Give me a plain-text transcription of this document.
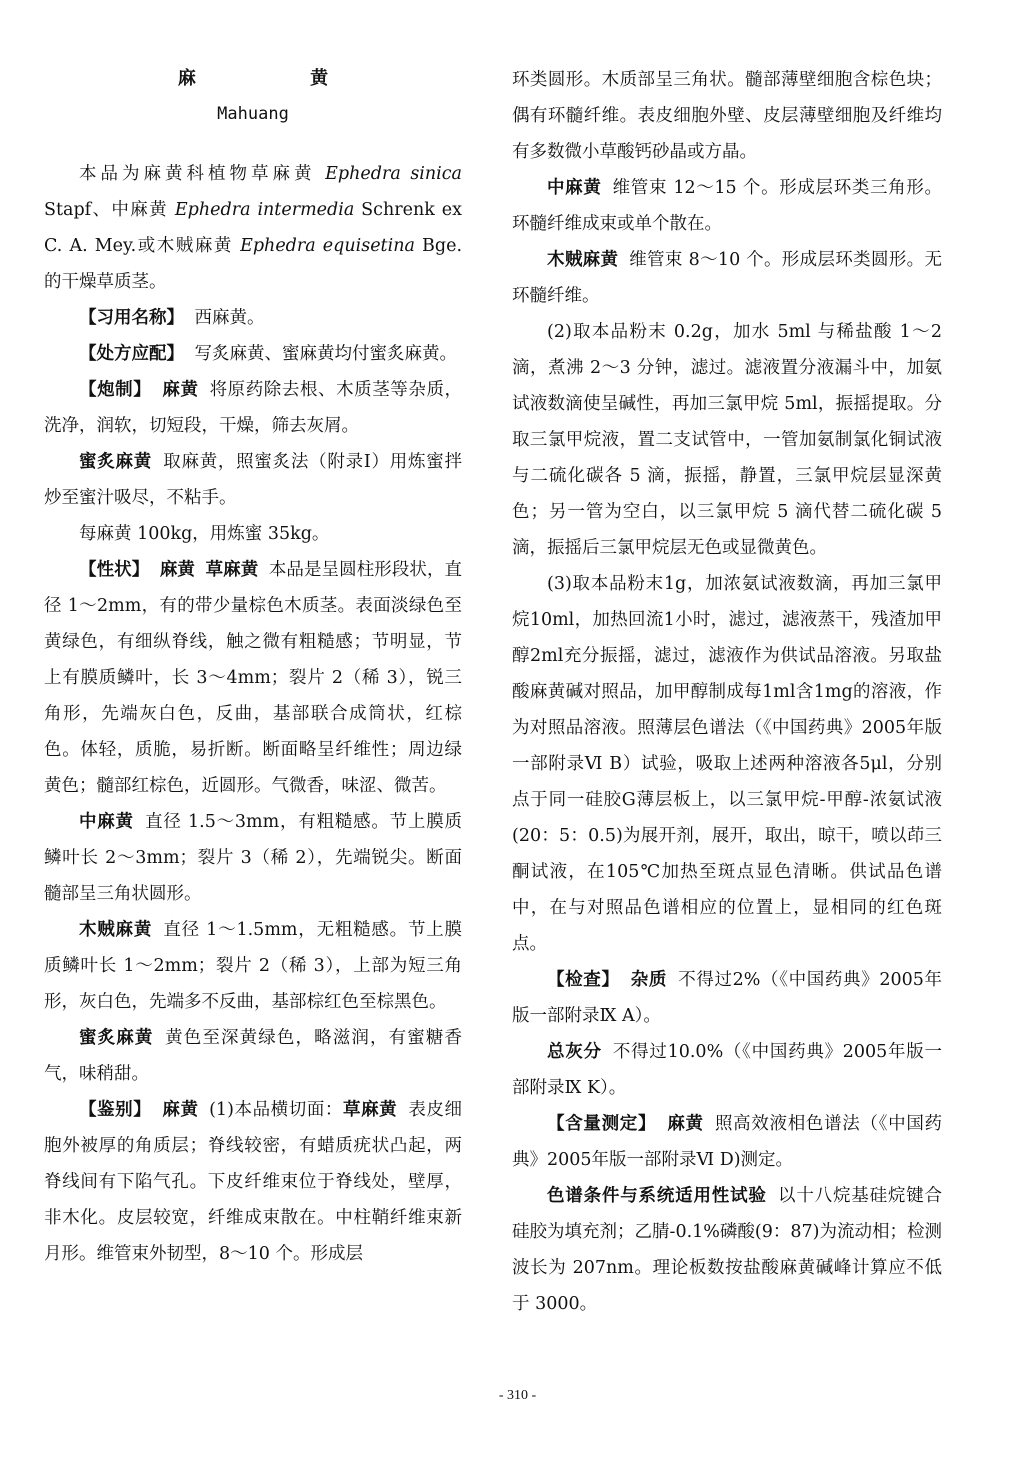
麻 黄
Mahuang

本品为麻黄科植物草麻黄 Ephedra sinica Stapf、中麻黄 Ephedra intermedia Schrenk ex C. A. Mey.或木贼麻黄 Ephedra equisetina Bge.的干燥草质茎。

【习用名称】 西麻黄。

【处方应配】 写炙麻黄、蜜麻黄均付蜜炙麻黄。

【炮制】 麻黄 将原药除去根、木质茎等杂质，洗净，润软，切短段，干燥，筛去灰屑。

蜜炙麻黄 取麻黄，照蜜炙法（附录Ⅰ）用炼蜜拌炒至蜜汁吸尽，不粘手。

每麻黄 100kg，用炼蜜 35kg。

【性状】 麻黄 草麻黄 本品是呈圆柱形段状，直径 1～2mm，有的带少量棕色木质茎。表面淡绿色至黄绿色，有细纵脊线，触之微有粗糙感；节明显，节上有膜质鳞叶，长 3～4mm；裂片 2（稀 3），锐三角形，先端灰白色，反曲，基部联合成筒状，红棕色。体轻，质脆，易折断。断面略呈纤维性；周边绿黄色；髓部红棕色，近圆形。气微香，味涩、微苦。

中麻黄 直径 1.5～3mm，有粗糙感。节上膜质鳞叶长 2～3mm；裂片 3（稀 2），先端锐尖。断面髓部呈三角状圆形。

木贼麻黄 直径 1～1.5mm，无粗糙感。节上膜质鳞叶长 1～2mm；裂片 2（稀 3），上部为短三角形，灰白色，先端多不反曲，基部棕红色至棕黑色。

蜜炙麻黄 黄色至深黄绿色，略滋润，有蜜糖香气，味稍甜。

【鉴别】 麻黄 (1)本品横切面：草麻黄 表皮细胞外被厚的角质层；脊线较密，有蜡质疣状凸起，两脊线间有下陷气孔。下皮纤维束位于脊线处，壁厚，非木化。皮层较宽，纤维成束散在。中柱鞘纤维束新月形。维管束外韧型，8～10 个。形成层

环类圆形。木质部呈三角状。髓部薄壁细胞含棕色块；偶有环髓纤维。表皮细胞外壁、皮层薄壁细胞及纤维均有多数微小草酸钙砂晶或方晶。

中麻黄 维管束 12～15 个。形成层环类三角形。环髓纤维成束或单个散在。

木贼麻黄 维管束 8～10 个。形成层环类圆形。无环髓纤维。

(2)取本品粉末 0.2g，加水 5ml 与稀盐酸 1～2 滴，煮沸 2～3 分钟，滤过。滤液置分液漏斗中，加氨试液数滴使呈碱性，再加三氯甲烷 5ml，振摇提取。分取三氯甲烷液，置二支试管中，一管加氨制氯化铜试液与二硫化碳各 5 滴，振摇，静置，三氯甲烷层显深黄色；另一管为空白，以三氯甲烷 5 滴代替二硫化碳 5 滴，振摇后三氯甲烷层无色或显微黄色。

(3)取本品粉末1g，加浓氨试液数滴，再加三氯甲烷10ml，加热回流1小时，滤过，滤液蒸干，残渣加甲醇2ml充分振摇，滤过，滤液作为供试品溶液。另取盐酸麻黄碱对照品，加甲醇制成每1ml含1mg的溶液，作为对照品溶液。照薄层色谱法（《中国药典》2005年版一部附录Ⅵ B）试验，吸取上述两种溶液各5μl，分别点于同一硅胶G薄层板上，以三氯甲烷-甲醇-浓氨试液(20：5：0.5)为展开剂，展开，取出，晾干，喷以茚三酮试液，在105℃加热至斑点显色清晰。供试品色谱中，在与对照品色谱相应的位置上，显相同的红色斑点。

【检查】 杂质 不得过2%（《中国药典》2005年版一部附录Ⅸ A）。

总灰分 不得过10.0%（《中国药典》2005年版一部附录Ⅸ K）。

【含量测定】 麻黄 照高效液相色谱法（《中国药典》2005年版一部附录Ⅵ D)测定。

色谱条件与系统适用性试验 以十八烷基硅烷键合硅胶为填充剂；乙腈-0.1%磷酸(9：87)为流动相；检测波长为 207nm。理论板数按盐酸麻黄碱峰计算应不低于 3000。

- 310 -
